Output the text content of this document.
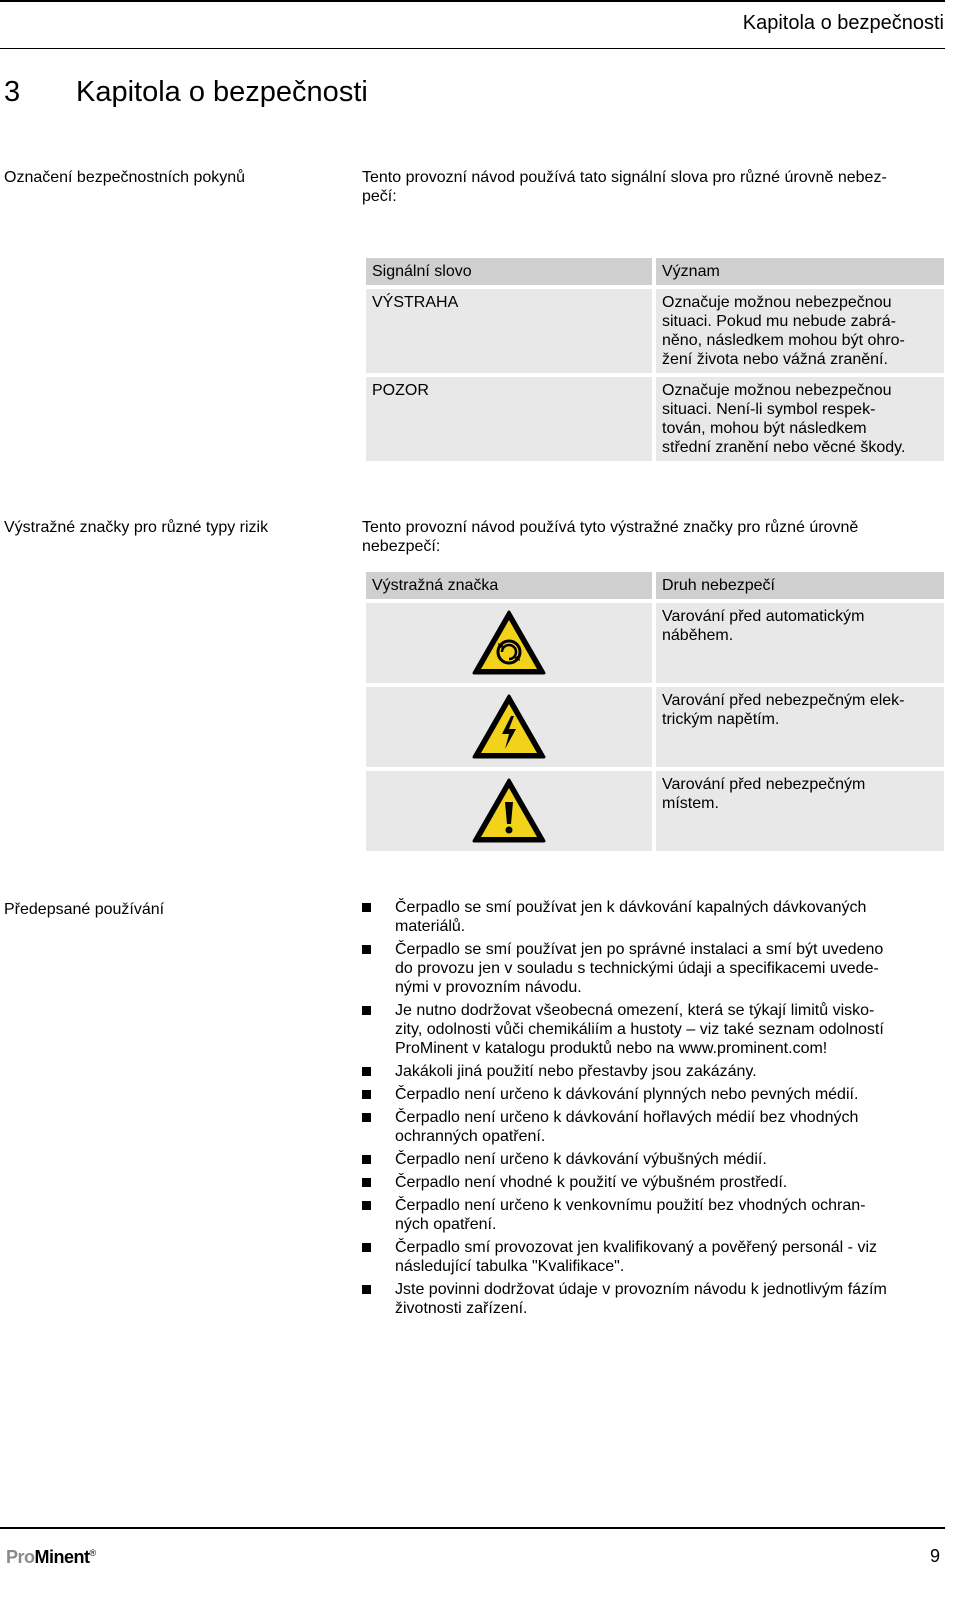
Kapitola o bezpečnosti
3 Kapitola o bezpečnosti
Označení bezpečnostních pokynů	Tento provozní návod používá tato signální slova pro různé úrovně nebez-
pečí:
Signální slovo	Význam
VÝSTRAHA	Označuje možnou nebezpečnou
situaci. Pokud mu nebude zabrá-
něno, následkem mohou být ohro-
žení života nebo vážná zranění.
POZOR	Označuje možnou nebezpečnou
situaci. Není-li symbol respek-
tován, mohou být následkem
střední zranění nebo věcné škody.
Výstražné značky pro různé typy rizik	Tento provozní návod používá tyto výstražné značky pro různé úrovně
nebezpečí:
Výstražná značka	Druh nebezpečí

	Varování před automatickým
náběhem.

	Varování před nebezpečným elek-
trickým napětím.

	Varování před nebezpečným
místem.
Předepsané používání	Čerpadlo se smí používat jen k dávkování kapalných dávkovaných
materiálů.
Čerpadlo se smí používat jen po správné instalaci a smí být uvedeno
do provozu jen v souladu s technickými údaji a specifikacemi uvede-
nými v provozním návodu.
Je nutno dodržovat všeobecná omezení, která se týkají limitů visko-
zity, odolnosti vůči chemikáliím a hustoty – viz také seznam odolností
ProMinent v katalogu produktů nebo na www.prominent.com!
Jakákoli jiná použití nebo přestavby jsou zakázány.
Čerpadlo není určeno k dávkování plynných nebo pevných médií.
Čerpadlo není určeno k dávkování hořlavých médií bez vhodných
ochranných opatření.
Čerpadlo není určeno k dávkování výbušných médií.
Čerpadlo není vhodné k použití ve výbušném prostředí.
Čerpadlo není určeno k venkovnímu použití bez vhodných ochran-
ných opatření.
Čerpadlo smí provozovat jen kvalifikovaný a pověřený personál - viz
následující tabulka "Kvalifikace".
Jste povinni dodržovat údaje v provozním návodu k jednotlivým fázím
životnosti zařízení.
ProMinent®	9
